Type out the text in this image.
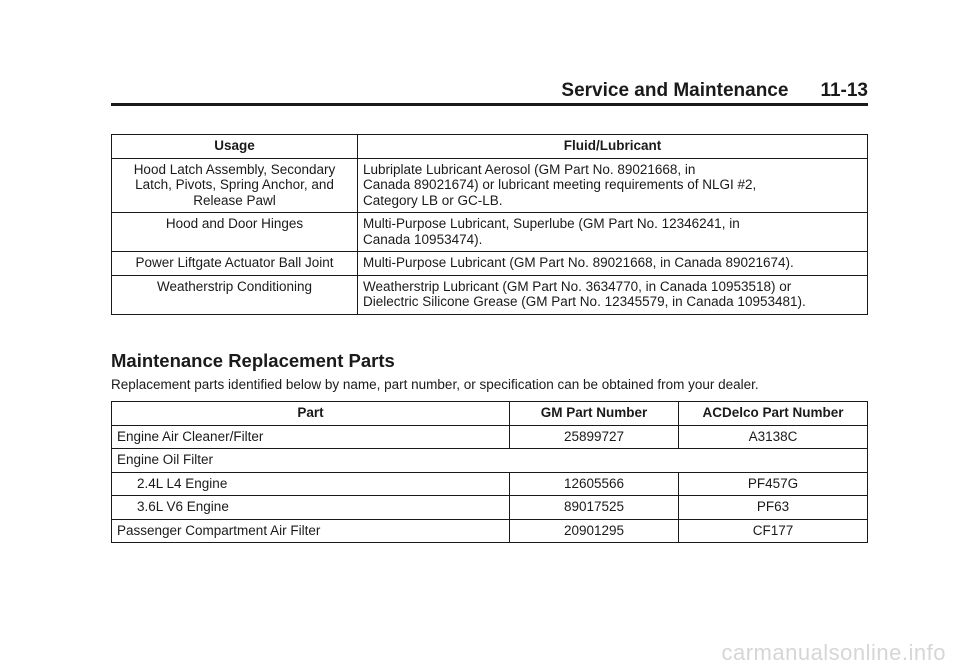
Service and Maintenance 11-13
Usage	Fluid/Lubricant
Hood Latch Assembly, Secondary
Latch, Pivots, Spring Anchor, and
Release Pawl	Lubriplate Lubricant Aerosol (GM Part No. 89021668, in
Canada 89021674) or lubricant meeting requirements of NLGI #2,
Category LB or GC-LB.
Hood and Door Hinges	Multi-Purpose Lubricant, Superlube (GM Part No. 12346241, in
Canada 10953474).
Power Liftgate Actuator Ball Joint	Multi-Purpose Lubricant (GM Part No. 89021668, in Canada 89021674).
Weatherstrip Conditioning	Weatherstrip Lubricant (GM Part No. 3634770, in Canada 10953518) or
Dielectric Silicone Grease (GM Part No. 12345579, in Canada 10953481).
Maintenance Replacement Parts
Replacement parts identified below by name, part number, or specification can be obtained from your dealer.
Part	GM Part Number	ACDelco Part Number
Engine Air Cleaner/Filter	25899727	A3138C
Engine Oil Filter		
2.4L L4 Engine	12605566	PF457G
3.6L V6 Engine	89017525	PF63
Passenger Compartment Air Filter	20901295	CF177
carmanualsonline.info
